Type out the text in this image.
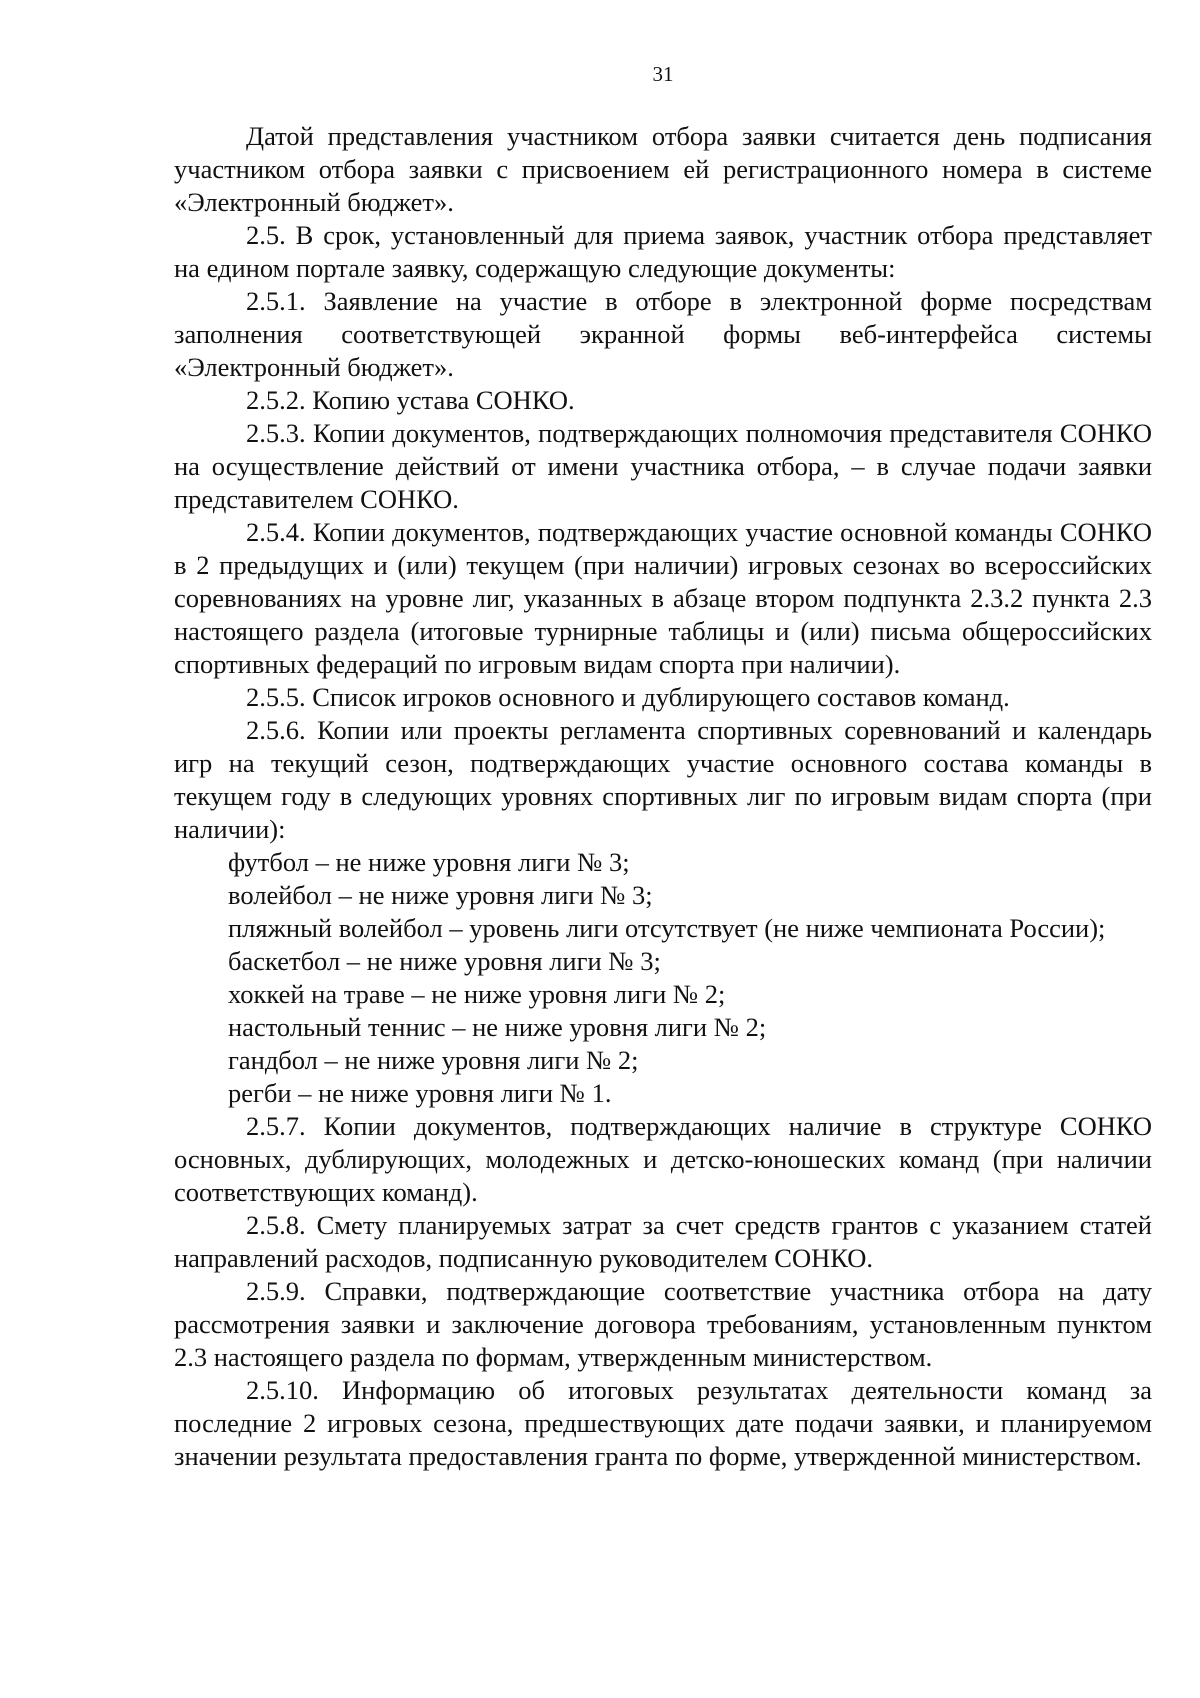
31

Датой представления участником отбора заявки считается день подписания участником отбора заявки с присвоением ей регистрационного номера в системе «Электронный бюджет».

2.5. В срок, установленный для приема заявок, участник отбора представляет на едином портале заявку, содержащую следующие документы:

2.5.1. Заявление на участие в отборе в электронной форме посредствам заполнения соответствующей экранной формы веб-интерфейса системы «Электронный бюджет».

2.5.2. Копию устава СОНКО.

2.5.3. Копии документов, подтверждающих полномочия представителя СОНКО на осуществление действий от имени участника отбора, – в случае подачи заявки представителем СОНКО.

2.5.4. Копии документов, подтверждающих участие основной команды СОНКО в 2 предыдущих и (или) текущем (при наличии) игровых сезонах во всероссийских соревнованиях на уровне лиг, указанных в абзаце втором подпункта 2.3.2 пункта 2.3 настоящего раздела (итоговые турнирные таблицы и (или) письма общероссийских спортивных федераций по игровым видам спорта при наличии).

2.5.5. Список игроков основного и дублирующего составов команд.

2.5.6. Копии или проекты регламента спортивных соревнований и календарь игр на текущий сезон, подтверждающих участие основного состава команды в текущем году в следующих уровнях спортивных лиг по игровым видам спорта (при наличии):

футбол – не ниже уровня лиги № 3;

волейбол – не ниже уровня лиги № 3;

пляжный волейбол – уровень лиги отсутствует (не ниже чемпионата России);

баскетбол – не ниже уровня лиги № 3;

хоккей на траве – не ниже уровня лиги № 2;

настольный теннис – не ниже уровня лиги № 2;

гандбол – не ниже уровня лиги № 2;

регби – не ниже уровня лиги № 1.

2.5.7. Копии документов, подтверждающих наличие в структуре СОНКО основных, дублирующих, молодежных и детско-юношеских команд (при наличии соответствующих команд).

2.5.8. Смету планируемых затрат за счет средств грантов с указанием статей направлений расходов, подписанную руководителем СОНКО.

2.5.9. Справки, подтверждающие соответствие участника отбора на дату рассмотрения заявки и заключение договора требованиям, установленным пунктом 2.3 настоящего раздела по формам, утвержденным министерством.

2.5.10. Информацию об итоговых результатах деятельности команд за последние 2 игровых сезона, предшествующих дате подачи заявки, и планируемом значении результата предоставления гранта по форме, утвержденной министерством.
